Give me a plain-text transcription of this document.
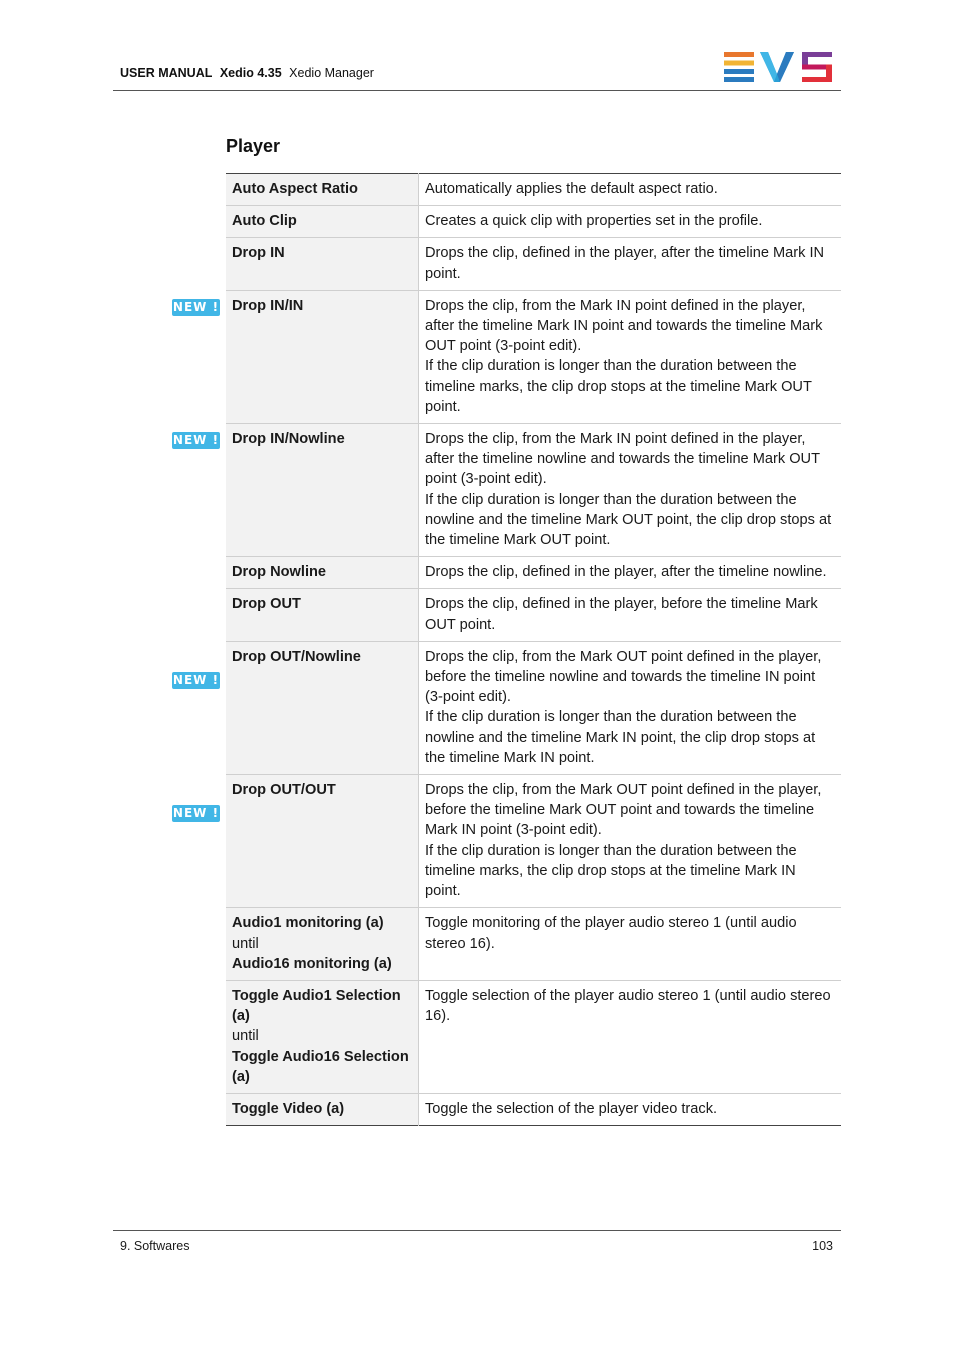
USER MANUAL Xedio 4.35 Xedio Manager
Player
Auto Aspect Ratio	Automatically applies the default aspect ratio.

Auto Clip	Creates a quick clip with properties set in the profile.

Drop IN	Drops the clip, defined in the player, after the timeline Mark IN point.

Drop IN/IN	Drops the clip, from the Mark IN point defined in the player, after the timeline Mark IN point and towards the timeline Mark OUT point (3-point edit).
If the clip duration is longer than the duration between the timeline marks, the clip drop stops at the timeline Mark OUT point.

Drop IN/Nowline	Drops the clip, from the Mark IN point defined in the player, after the timeline nowline and towards the timeline Mark OUT point (3-point edit).
If the clip duration is longer than the duration between the nowline and the timeline Mark OUT point, the clip drop stops at the timeline Mark OUT point.

Drop Nowline	Drops the clip, defined in the player, after the timeline nowline.

Drop OUT	Drops the clip, defined in the player, before the timeline Mark OUT point.

Drop OUT/Nowline	Drops the clip, from the Mark OUT point defined in the player, before the timeline nowline and towards the timeline IN point (3-point edit).
If the clip duration is longer than the duration between the nowline and the timeline Mark IN point, the clip drop stops at the timeline Mark IN point.

Drop OUT/OUT	Drops the clip, from the Mark OUT point defined in the player, before the timeline Mark OUT point and towards the timeline Mark IN point (3-point edit).
If the clip duration is longer than the duration between the timeline marks, the clip drop stops at the timeline Mark IN point.

Audio1 monitoring (a)
until
Audio16 monitoring (a)	Toggle monitoring of the player audio stereo 1 (until audio stereo 16).

Toggle Audio1 Selection (a)
until
Toggle Audio16 Selection (a)	Toggle selection of the player audio stereo 1 (until audio stereo 16).

Toggle Video (a)	Toggle the selection of the player video track.
NEW !
NEW !
NEW !
NEW !
9. Softwares	103
